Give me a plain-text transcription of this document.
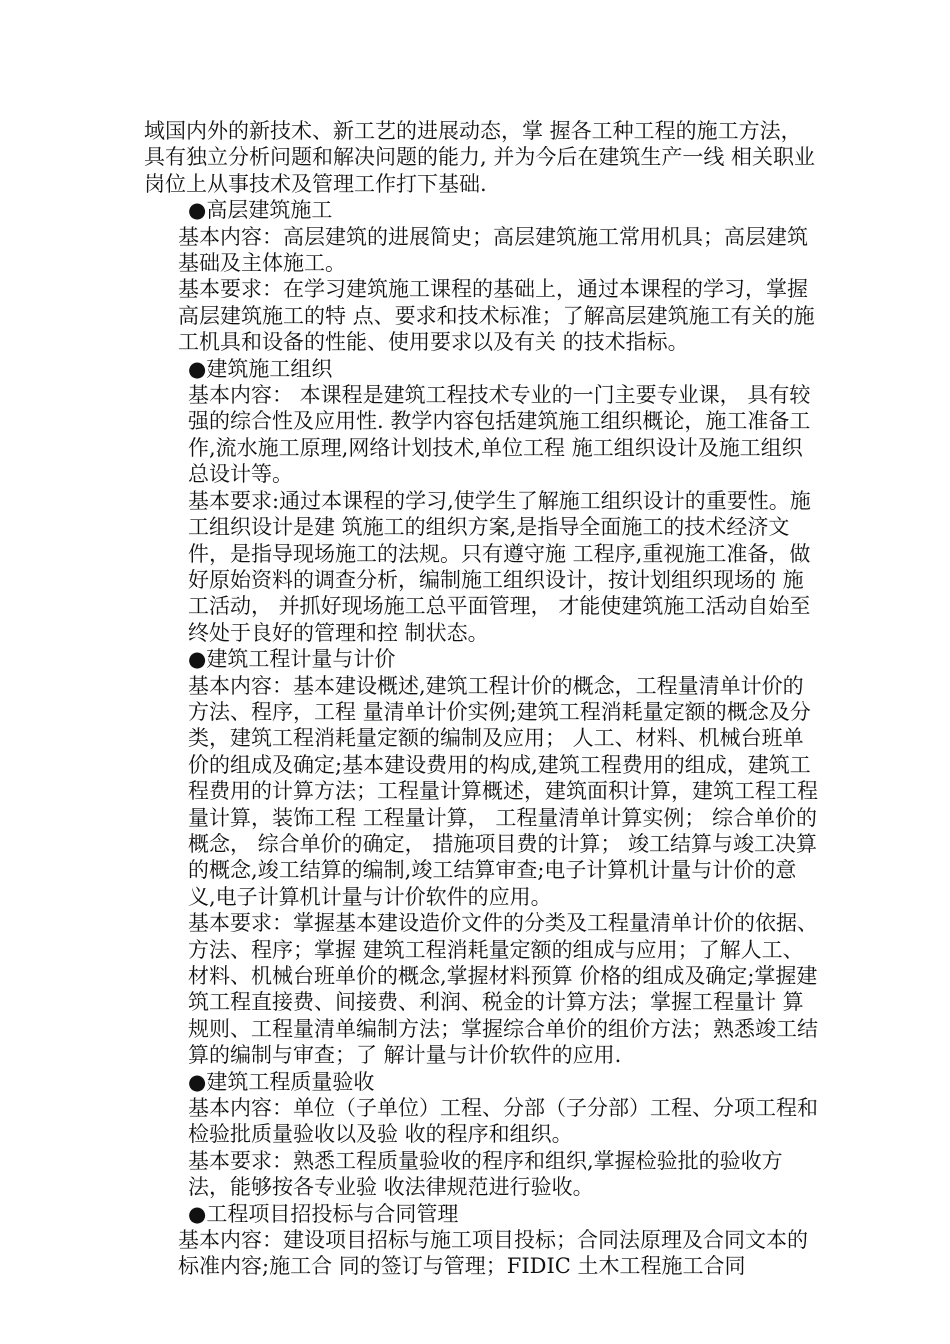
域国内外的新技术、新工艺的进展动态，掌 握各工种工程的施工方法， 具有独立分析问题和解决问题的能力, 并为今后在建筑生产一线 相关职业岗位上从事技术及管理工作打下基础.

●高层建筑施工

基本内容：高层建筑的进展简史；高层建筑施工常用机具；高层建筑基础及主体施工。

基本要求：在学习建筑施工课程的基础上，通过本课程的学习，掌握高层建筑施工的特 点、要求和技术标准；了解高层建筑施工有关的施工机具和设备的性能、使用要求以及有关 的技术指标。

●建筑施工组织

基本内容： 本课程是建筑工程技术专业的一门主要专业课， 具有较强的综合性及应用性. 教学内容包括建筑施工组织概论，施工准备工作,流水施工原理,网络计划技术,单位工程 施工组织设计及施工组织总设计等。

基本要求:通过本课程的学习,使学生了解施工组织设计的重要性。施工组织设计是建 筑施工的组织方案,是指导全面施工的技术经济文件，是指导现场施工的法规。只有遵守施 工程序,重视施工准备，做好原始资料的调查分析，编制施工组织设计，按计划组织现场的 施工活动， 并抓好现场施工总平面管理， 才能使建筑施工活动自始至终处于良好的管理和控 制状态。

●建筑工程计量与计价

基本内容：基本建设概述,建筑工程计价的概念，工程量清单计价的方法、程序，工程 量清单计价实例;建筑工程消耗量定额的概念及分类，建筑工程消耗量定额的编制及应用； 人工、材料、机械台班单价的组成及确定;基本建设费用的构成,建筑工程费用的组成，建筑工程费用的计算方法；工程量计算概述，建筑面积计算，建筑工程工程量计算，装饰工程 工程量计算， 工程量清单计算实例； 综合单价的概念， 综合单价的确定， 措施项目费的计算； 竣工结算与竣工决算的概念,竣工结算的编制,竣工结算审查;电子计算机计量与计价的意 义,电子计算机计量与计价软件的应用。

基本要求：掌握基本建设造价文件的分类及工程量清单计价的依据、方法、程序；掌握 建筑工程消耗量定额的组成与应用；了解人工、材料、机械台班单价的概念,掌握材料预算 价格的组成及确定;掌握建筑工程直接费、间接费、利润、税金的计算方法；掌握工程量计 算规则、工程量清单编制方法；掌握综合单价的组价方法；熟悉竣工结算的编制与审查；了 解计量与计价软件的应用.

●建筑工程质量验收

基本内容：单位（子单位）工程、分部（子分部）工程、分项工程和检验批质量验收以及验 收的程序和组织。

基本要求：熟悉工程质量验收的程序和组织,掌握检验批的验收方法，能够按各专业验 收法律规范进行验收。

●工程项目招投标与合同管理

基本内容：建设项目招标与施工项目投标；合同法原理及合同文本的标准内容;施工合 同的签订与管理；FIDIC 土木工程施工合同
